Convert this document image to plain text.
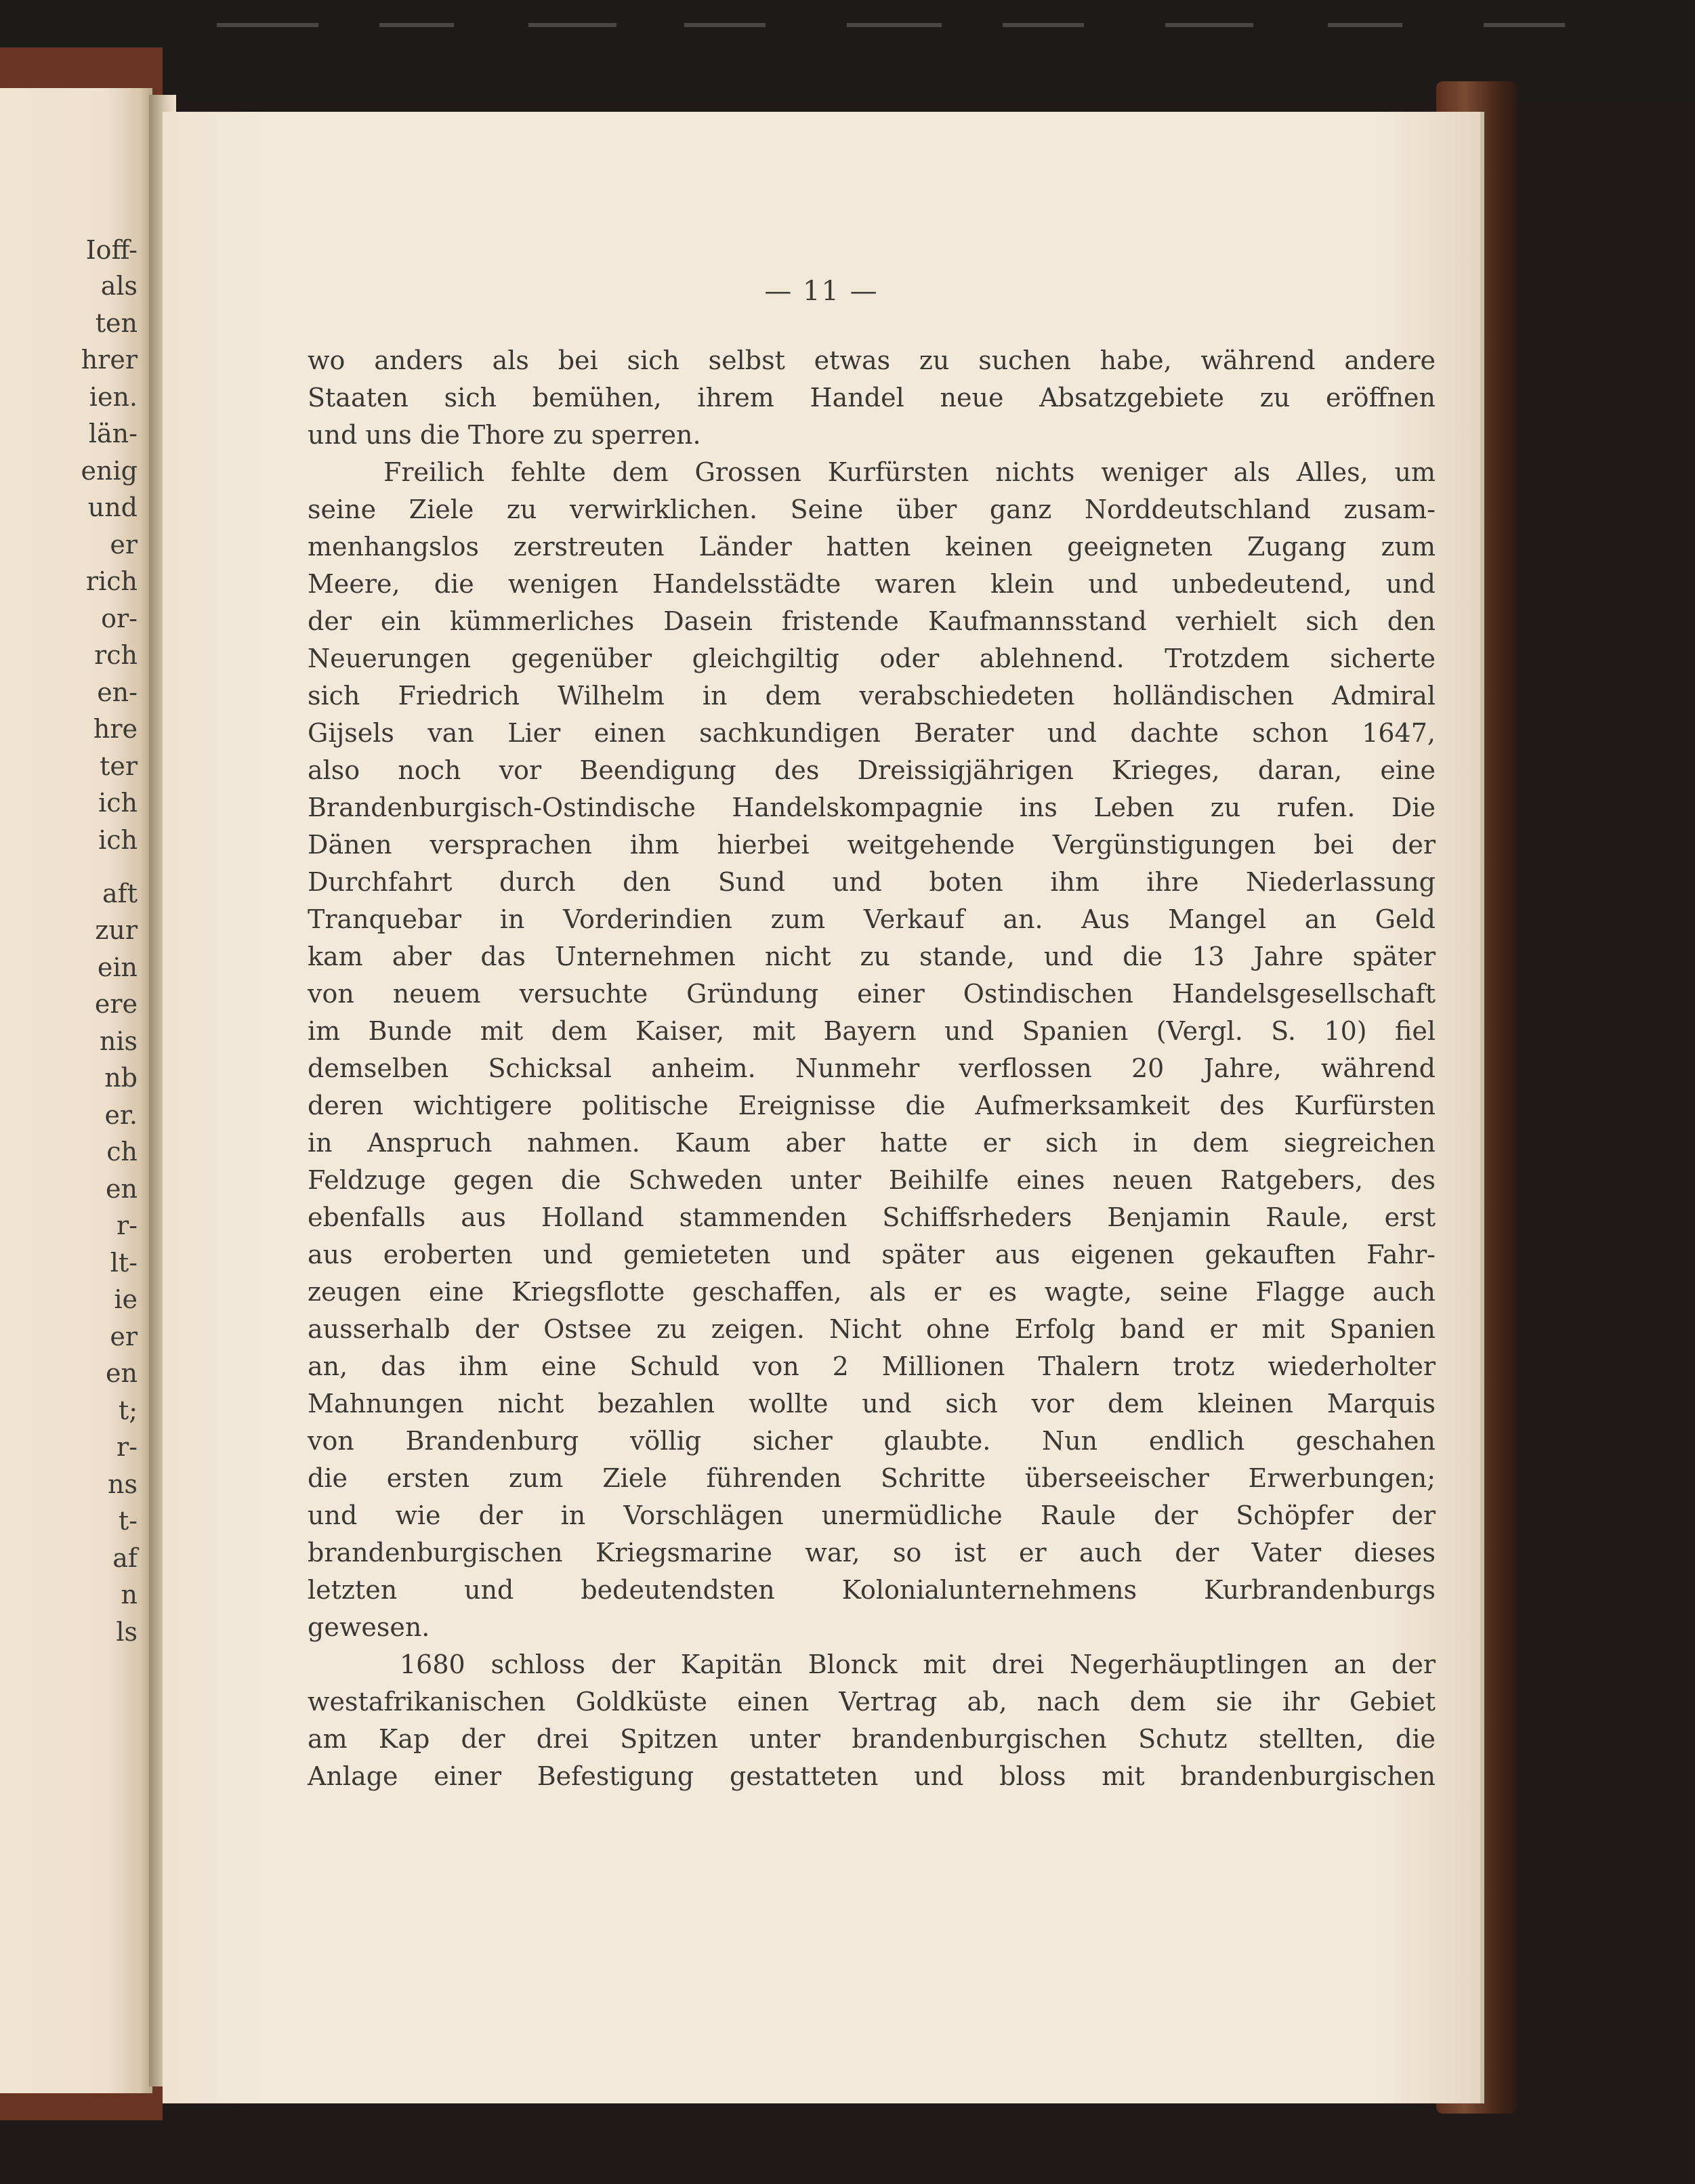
Ioff-
als
ten
hrer
ien.
län-
enig
und
er
rich
or-
rch
en-
hre
ter
ich
ich
aft
zur
ein
ere
nis
nb
er.
ch
en
r-
lt-
ie
er
en
t;
r-
ns
t-
af
n
ls
— 11 —
wo anders als bei sich selbst etwas zu suchen habe, während andere
Staaten sich bemühen, ihrem Handel neue Absatzgebiete zu eröffnen
und uns die Thore zu sperren.
Freilich fehlte dem Grossen Kurfürsten nichts weniger als Alles, um
seine Ziele zu verwirklichen. Seine über ganz Norddeutschland zusam-
menhangslos zerstreuten Länder hatten keinen geeigneten Zugang zum
Meere, die wenigen Handelsstädte waren klein und unbedeutend, und
der ein kümmerliches Dasein fristende Kaufmannsstand verhielt sich den
Neuerungen gegenüber gleichgiltig oder ablehnend. Trotzdem sicherte
sich Friedrich Wilhelm in dem verabschiedeten holländischen Admiral
Gijsels van Lier einen sachkundigen Berater und dachte schon 1647,
also noch vor Beendigung des Dreissigjährigen Krieges, daran, eine
Brandenburgisch-Ostindische Handelskompagnie ins Leben zu rufen. Die
Dänen versprachen ihm hierbei weitgehende Vergünstigungen bei der
Durchfahrt durch den Sund und boten ihm ihre Niederlassung
Tranquebar in Vorderindien zum Verkauf an. Aus Mangel an Geld
kam aber das Unternehmen nicht zu stande, und die 13 Jahre später
von neuem versuchte Gründung einer Ostindischen Handelsgesellschaft
im Bunde mit dem Kaiser, mit Bayern und Spanien (Vergl. S. 10) fiel
demselben Schicksal anheim. Nunmehr verflossen 20 Jahre, während
deren wichtigere politische Ereignisse die Aufmerksamkeit des Kurfürsten
in Anspruch nahmen. Kaum aber hatte er sich in dem siegreichen
Feldzuge gegen die Schweden unter Beihilfe eines neuen Ratgebers, des
ebenfalls aus Holland stammenden Schiffsrheders Benjamin Raule, erst
aus eroberten und gemieteten und später aus eigenen gekauften Fahr-
zeugen eine Kriegsflotte geschaffen, als er es wagte, seine Flagge auch
ausserhalb der Ostsee zu zeigen. Nicht ohne Erfolg band er mit Spanien
an, das ihm eine Schuld von 2 Millionen Thalern trotz wiederholter
Mahnungen nicht bezahlen wollte und sich vor dem kleinen Marquis
von Brandenburg völlig sicher glaubte. Nun endlich geschahen
die ersten zum Ziele führenden Schritte überseeischer Erwerbungen;
und wie der in Vorschlägen unermüdliche Raule der Schöpfer der
brandenburgischen Kriegsmarine war, so ist er auch der Vater dieses
letzten und bedeutendsten Kolonialunternehmens Kurbrandenburgs
gewesen.
1680 schloss der Kapitän Blonck mit drei Negerhäuptlingen an der
westafrikanischen Goldküste einen Vertrag ab, nach dem sie ihr Gebiet
am Kap der drei Spitzen unter brandenburgischen Schutz stellten, die
Anlage einer Befestigung gestatteten und bloss mit brandenburgischen
